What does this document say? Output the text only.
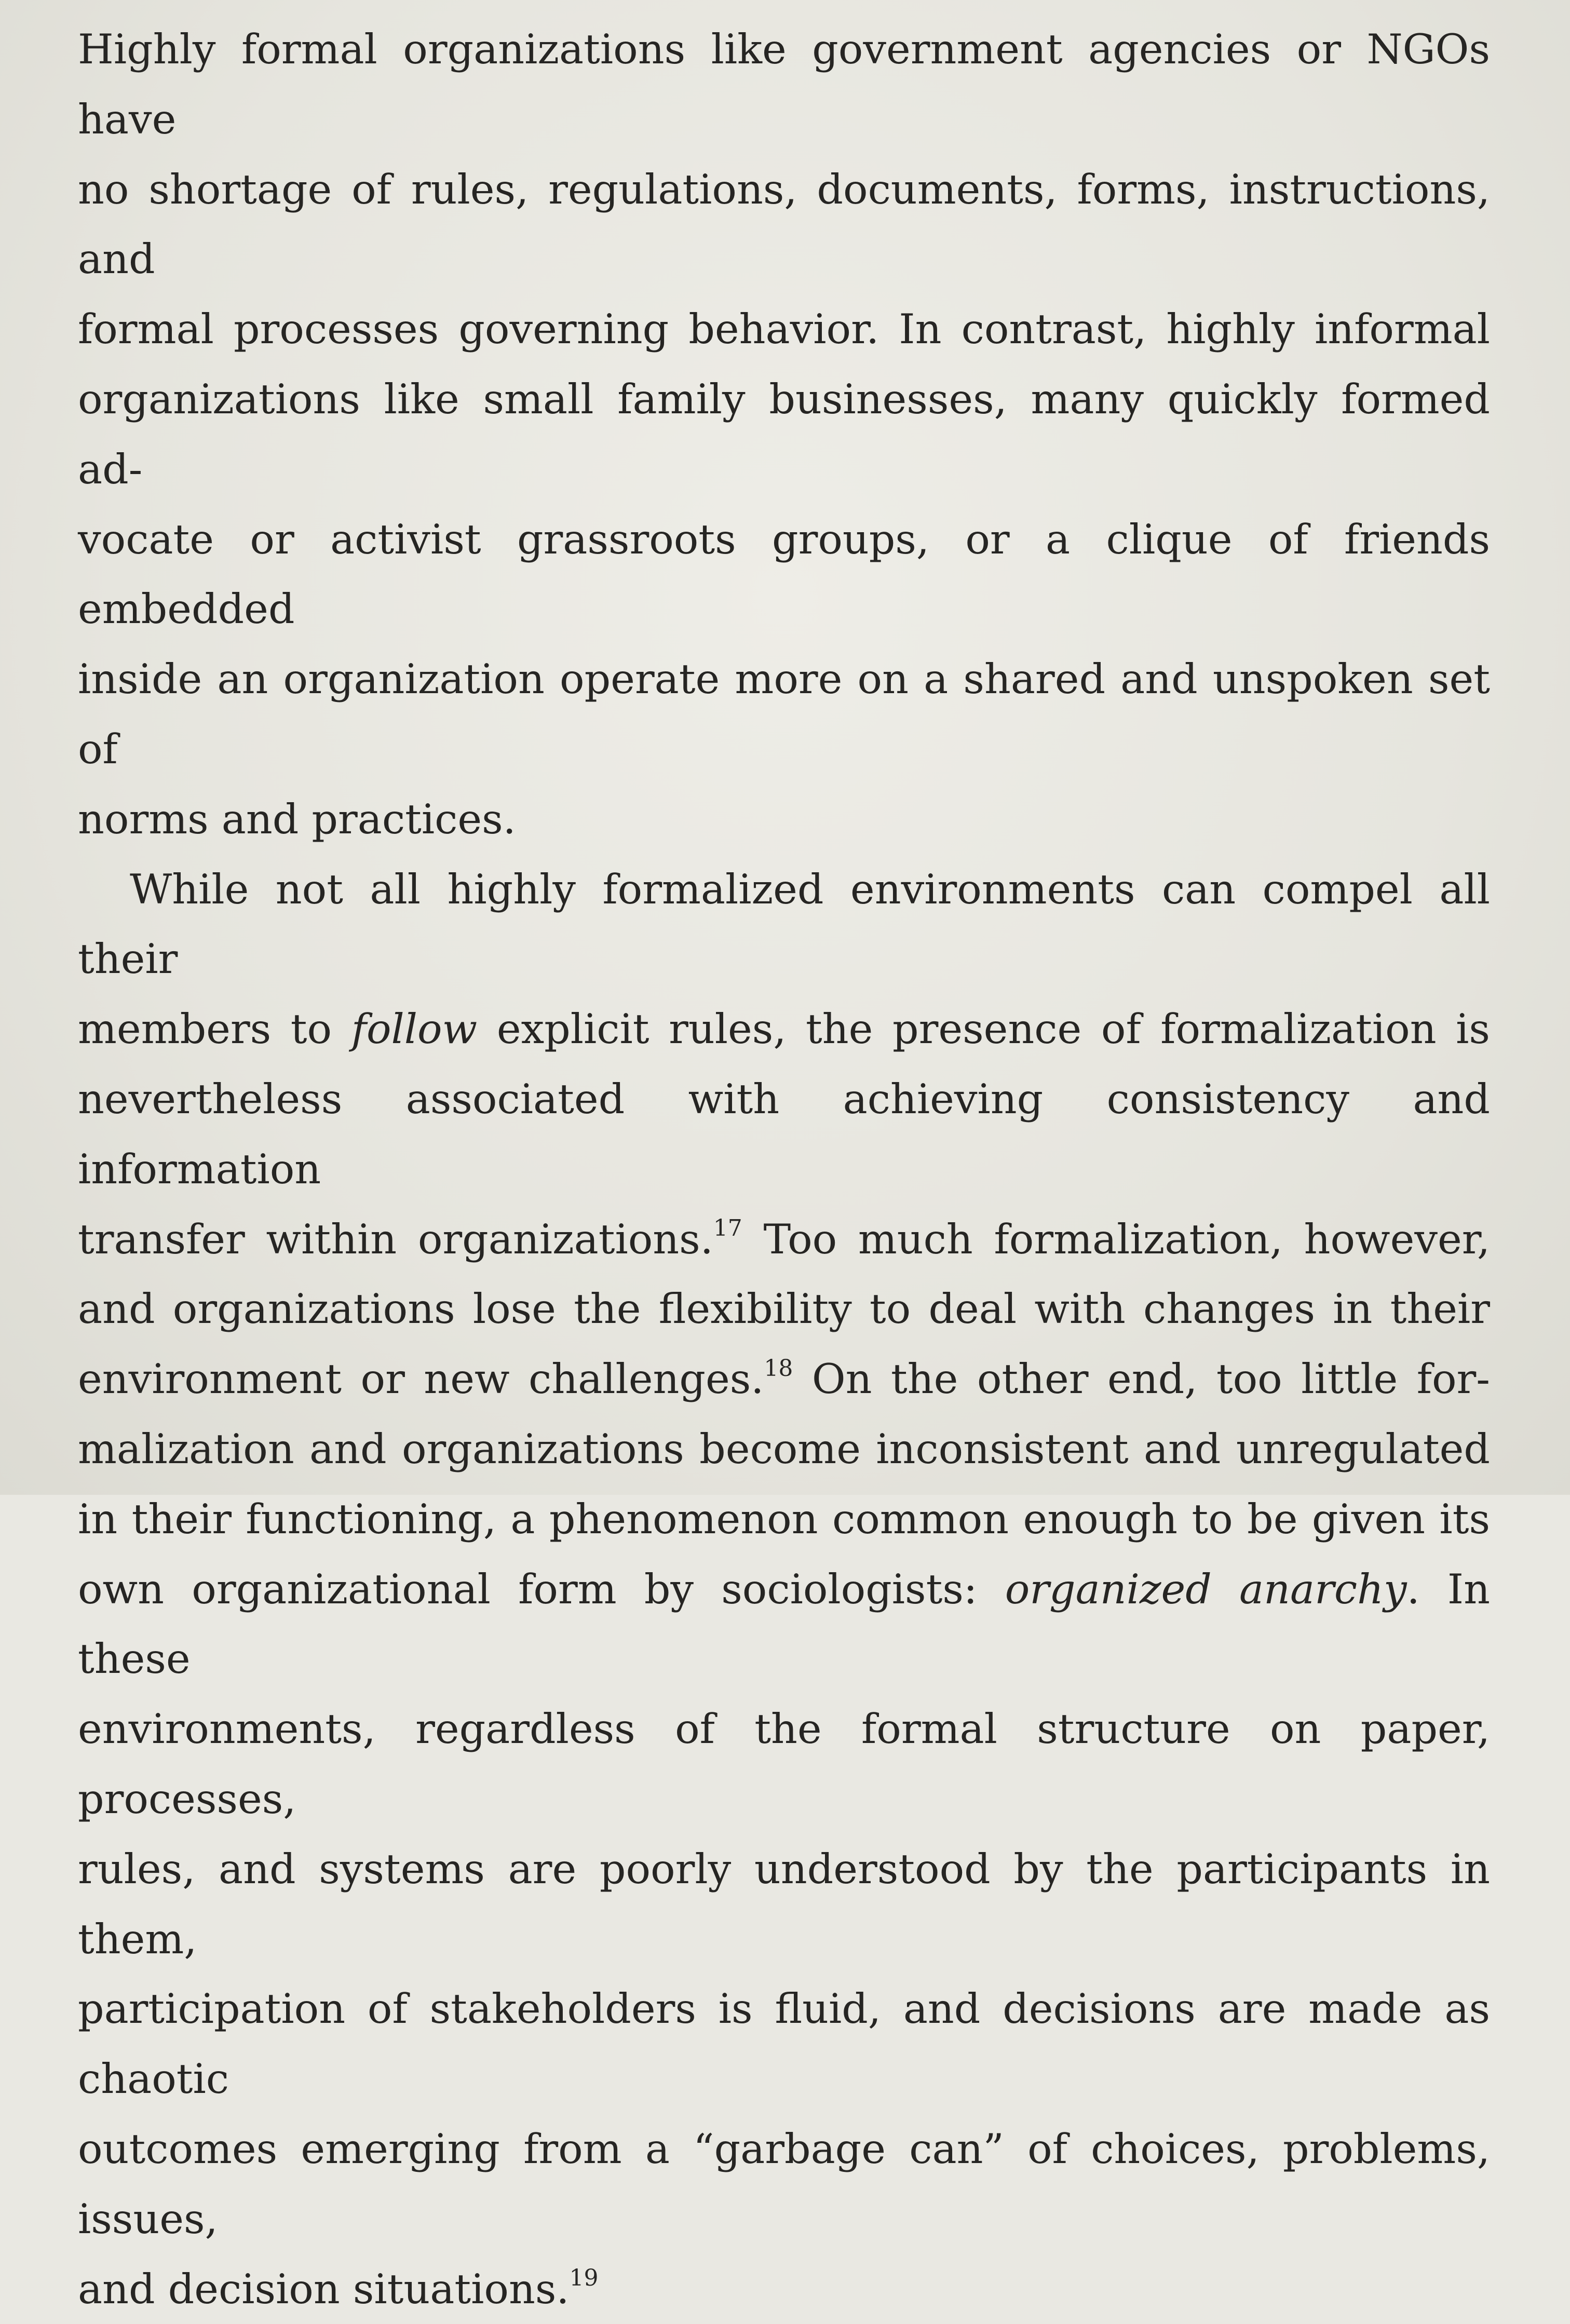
Highly formal organizations like government agencies or NGOs have
no shortage of rules, regulations, documents, forms, instructions, and
formal processes governing behavior. In contrast, highly informal
organizations like small family businesses, many quickly formed ad-
vocate or activist grassroots groups, or a clique of friends embedded
inside an organization operate more on a shared and unspoken set of
norms and practices.

While not all highly formalized environments can compel all their
members to follow explicit rules, the presence of formalization is
nevertheless associated with achieving consistency and information
transfer within organizations.$^{17}$ Too much formalization, however,
and organizations lose the flexibility to deal with changes in their
environment or new challenges.$^{18}$ On the other end, too little for-
malization and organizations become inconsistent and unregulated
in their functioning, a phenomenon common enough to be given its
own organizational form by sociologists: organized anarchy. In these
environments, regardless of the formal structure on paper, processes,
rules, and systems are poorly understood by the participants in them,
participation of stakeholders is fluid, and decisions are made as chaotic
outcomes emerging from a “garbage can” of choices, problems, issues,
and decision situations.$^{19}$
